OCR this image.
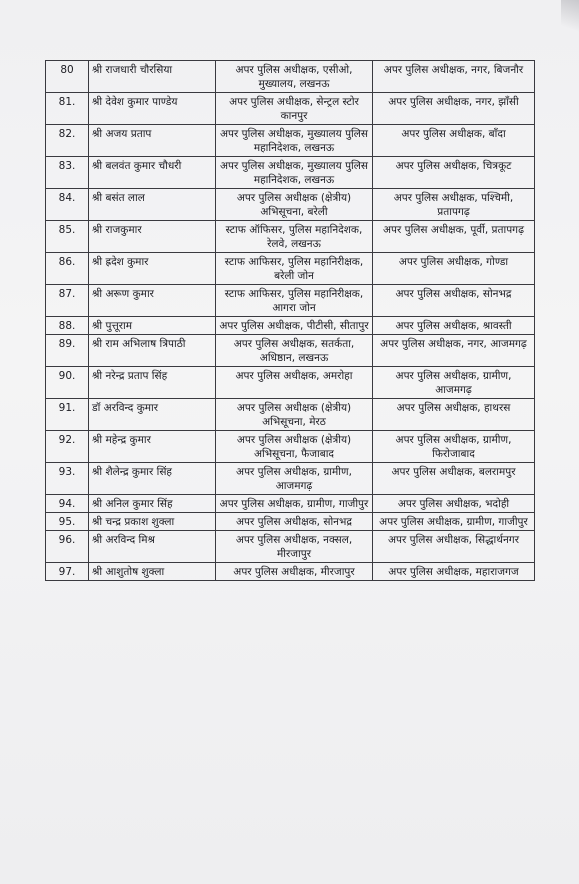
80	श्री राजधारी चौरसिया	अपर पुलिस अधीक्षक, एसीओ, मुख्यालय, लखनऊ	अपर पुलिस अधीक्षक, नगर, बिजनौर
81.	श्री देवेश कुमार पाण्डेय	अपर पुलिस अधीक्षक, सेन्ट्रल स्टोर कानपुर	अपर पुलिस अधीक्षक, नगर, झाँसी
82.	श्री अजय प्रताप	अपर पुलिस अधीक्षक, मुख्यालय पुलिस महानिदेशक, लखनऊ	अपर पुलिस अधीक्षक, बाँदा
83.	श्री बलवंत कुमार चौधरी	अपर पुलिस अधीक्षक, मुख्यालय पुलिस महानिदेशक, लखनऊ	अपर पुलिस अधीक्षक, चित्रकूट
84.	श्री बसंत लाल	अपर पुलिस अधीक्षक (क्षेत्रीय) अभिसूचना, बरेली	अपर पुलिस अधीक्षक, पश्चिमी, प्रतापगढ़
85.	श्री राजकुमार	स्टाफ ऑफिसर, पुलिस महानिदेशक, रेलवे, लखनऊ	अपर पुलिस अधीक्षक, पूर्वी, प्रतापगढ़
86.	श्री ह्रदेश कुमार	स्टाफ आफिसर, पुलिस महानिरीक्षक, बरेली जोन	अपर पुलिस अधीक्षक, गोण्डा
87.	श्री अरूण कुमार	स्टाफ आफिसर, पुलिस महानिरीक्षक, आगरा जोन	अपर पुलिस अधीक्षक, सोनभद्र
88.	श्री पुत्तूराम	अपर पुलिस अधीक्षक, पीटीसी, सीतापुर	अपर पुलिस अधीक्षक, श्रावस्ती
89.	श्री राम अभिलाष त्रिपाठी	अपर पुलिस अधीक्षक, सतर्कता, अधिष्ठान, लखनऊ	अपर पुलिस अधीक्षक, नगर, आजमगढ़
90.	श्री नरेन्द्र प्रताप सिंह	अपर पुलिस अधीक्षक, अमरोहा	अपर पुलिस अधीक्षक, ग्रामीण, आजमगढ़
91.	डॉ अरविन्द कुमार	अपर पुलिस अधीक्षक (क्षेत्रीय) अभिसूचना, मेरठ	अपर पुलिस अधीक्षक, हाथरस
92.	श्री महेन्द्र कुमार	अपर पुलिस अधीक्षक (क्षेत्रीय) अभिसूचना, फैजाबाद	अपर पुलिस अधीक्षक, ग्रामीण, फिरोजाबाद
93.	श्री शैलेन्द्र कुमार सिंह	अपर पुलिस अधीक्षक, ग्रामीण, आजमगढ़	अपर पुलिस अधीक्षक, बलरामपुर
94.	श्री अनिल कुमार सिंह	अपर पुलिस अधीक्षक, ग्रामीण, गाजीपुर	अपर पुलिस अधीक्षक, भदोही
95.	श्री चन्द्र प्रकाश शुक्ला	अपर पुलिस अधीक्षक, सोनभद्र	अपर पुलिस अधीक्षक, ग्रामीण, गाजीपुर
96.	श्री अरविन्द मिश्र	अपर पुलिस अधीक्षक, नक्सल, मीरजापुर	अपर पुलिस अधीक्षक, सिद्धार्थनगर
97.	श्री आशुतोष शुक्ला	अपर पुलिस अधीक्षक, मीरजापुर	अपर पुलिस अधीक्षक, महाराजगज
